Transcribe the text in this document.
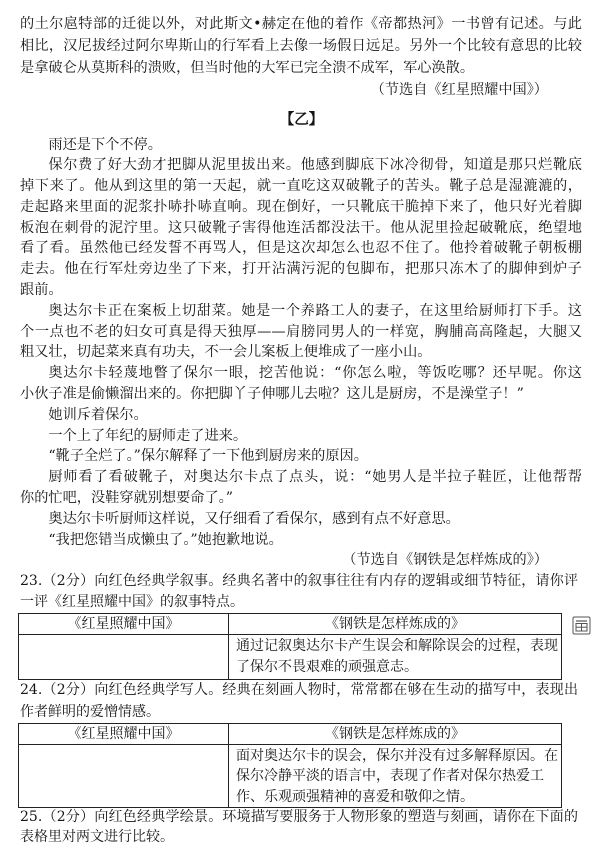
的土尔扈特部的迁徙以外，对此斯文•赫定在他的着作《帝都热河》一书曾有记述。与此
相比，汉尼拔经过阿尔卑斯山的行军看上去像一场假日远足。另外一个比较有意思的比较
是拿破仑从莫斯科的溃败，但当时他的大军已完全溃不成军，军心涣散。
（节选自《红星照耀中国》）
【乙】
雨还是下个不停。
保尔费了好大劲才把脚从泥里拔出来。他感到脚底下冰冷彻骨，知道是那只烂靴底
掉下来了。他从到这里的第一天起，就一直吃这双破靴子的苦头。靴子总是湿漉漉的，
走起路来里面的泥浆扑哧扑哧直响。现在倒好，一只靴底干脆掉下来了，他只好光着脚
板泡在刺骨的泥泞里。这只破靴子害得他连活都没法干。他从泥里捡起破靴底，绝望地
看了看。虽然他已经发誓不再骂人，但是这次却怎么也忍不住了。他拎着破靴子朝板棚
走去。他在行军灶旁边坐了下来，打开沾满污泥的包脚布，把那只冻木了的脚伸到炉子
跟前。
奥达尔卡正在案板上切甜菜。她是一个养路工人的妻子，在这里给厨师打下手。这
个一点也不老的妇女可真是得天独厚——肩膀同男人的一样宽，胸脯高高隆起，大腿又
粗又壮，切起菜来真有功夫，不一会儿案板上便堆成了一座小山。
奥达尔卡轻蔑地瞥了保尔一眼，挖苦他说：“你怎么啦，等饭吃哪？还早呢。你这
小伙子准是偷懒溜出来的。你把脚丫子伸哪儿去啦？这儿是厨房，不是澡堂子！”
她训斥着保尔。
一个上了年纪的厨师走了进来。
“靴子全烂了。”保尔解释了一下他到厨房来的原因。
厨师看了看破靴子，对奥达尔卡点了点头，说：“她男人是半拉子鞋匠，让他帮帮
你的忙吧，没鞋穿就别想要命了。”
奥达尔卡听厨师这样说，又仔细看了看保尔，感到有点不好意思。
“我把您错当成懒虫了。”她抱歉地说。
（节选自《钢铁是怎样炼成的》）
23.（2分）向红色经典学叙事。经典名著中的叙事往往有内存的逻辑或细节特征，请你评
一评《红星照耀中国》的叙事特点。
《红星照耀中国》	《钢铁是怎样炼成的》
通过记叙奥达尔卡产生误会和解除误会的过程，表现
了保尔不畏艰难的顽强意志。
24.（2分）向红色经典学写人。经典在刻画人物时，常常都在够在生动的描写中，表现出
作者鲜明的爱憎情感。
《红星照耀中国》	《钢铁是怎样炼成的》
面对奥达尔卡的误会，保尔并没有过多解释原因。在
保尔冷静平淡的语言中，表现了作者对保尔热爱工
作、乐观顽强精神的喜爱和敬仰之情。
25.（2分）向红色经典学绘景。环境描写要服务于人物形象的塑造与刻画，请你在下面的
表格里对两文进行比较。
